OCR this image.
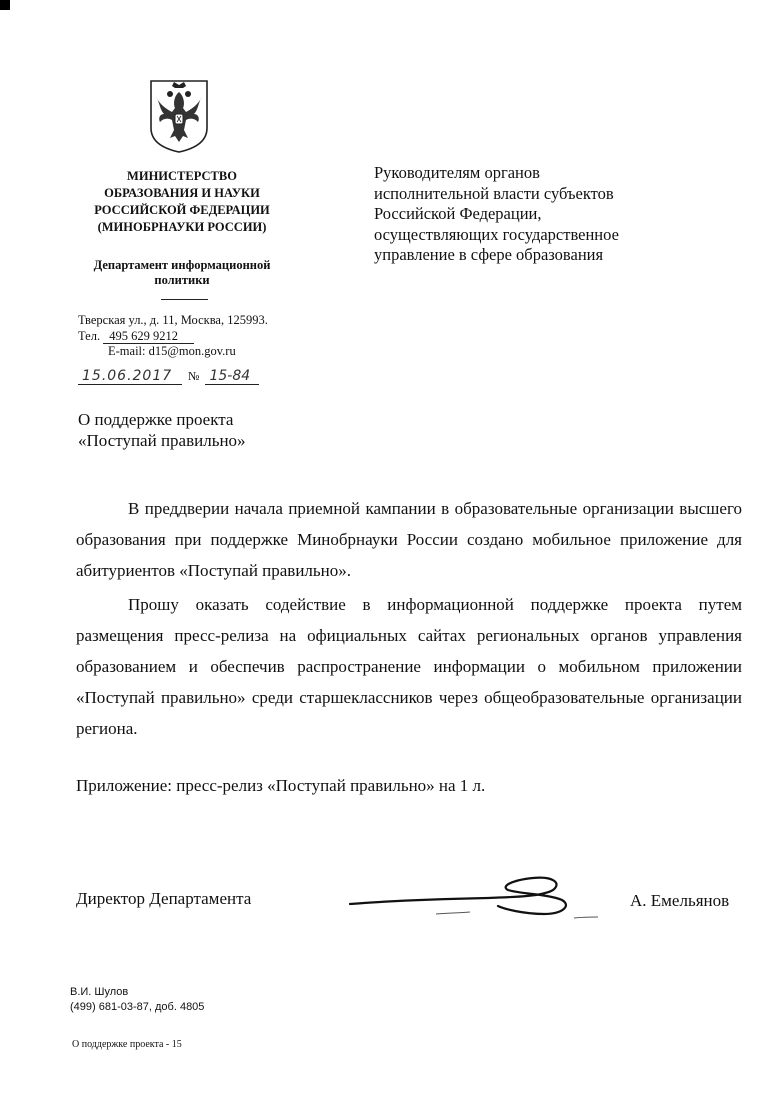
МИНИСТЕРСТВО
ОБРАЗОВАНИЯ И НАУКИ
РОССИЙСКОЙ ФЕДЕРАЦИИ
(МИНОБРНАУКИ РОССИИ)
Департамент информационной
политики
Тверская ул., д. 11, Москва, 125993.
Тел. 495 629 9212
E-mail: d15@mon.gov.ru
15.06.2017 № 15-84
О поддержке проекта
«Поступай правильно»
Руководителям органов
исполнительной власти субъектов
Российской Федерации,
осуществляющих государственное
управление в сфере образования

В преддверии начала приемной кампании в образовательные организации высшего образования при поддержке Минобрнауки России создано мобильное приложение для абитуриентов «Поступай правильно».

Прошу оказать содействие в информационной поддержке проекта путем размещения пресс-релиза на официальных сайтах региональных органов управления образованием и обеспечив распространение информации о мобильном приложении «Поступай правильно» среди старшеклассников через общеобразовательные организации региона.

Приложение: пресс-релиз «Поступай правильно» на 1 л.
Директор Департамента	А. Емельянов
В.И. Шулов
(499) 681-03-87, доб. 4805
О поддержке проекта - 15
